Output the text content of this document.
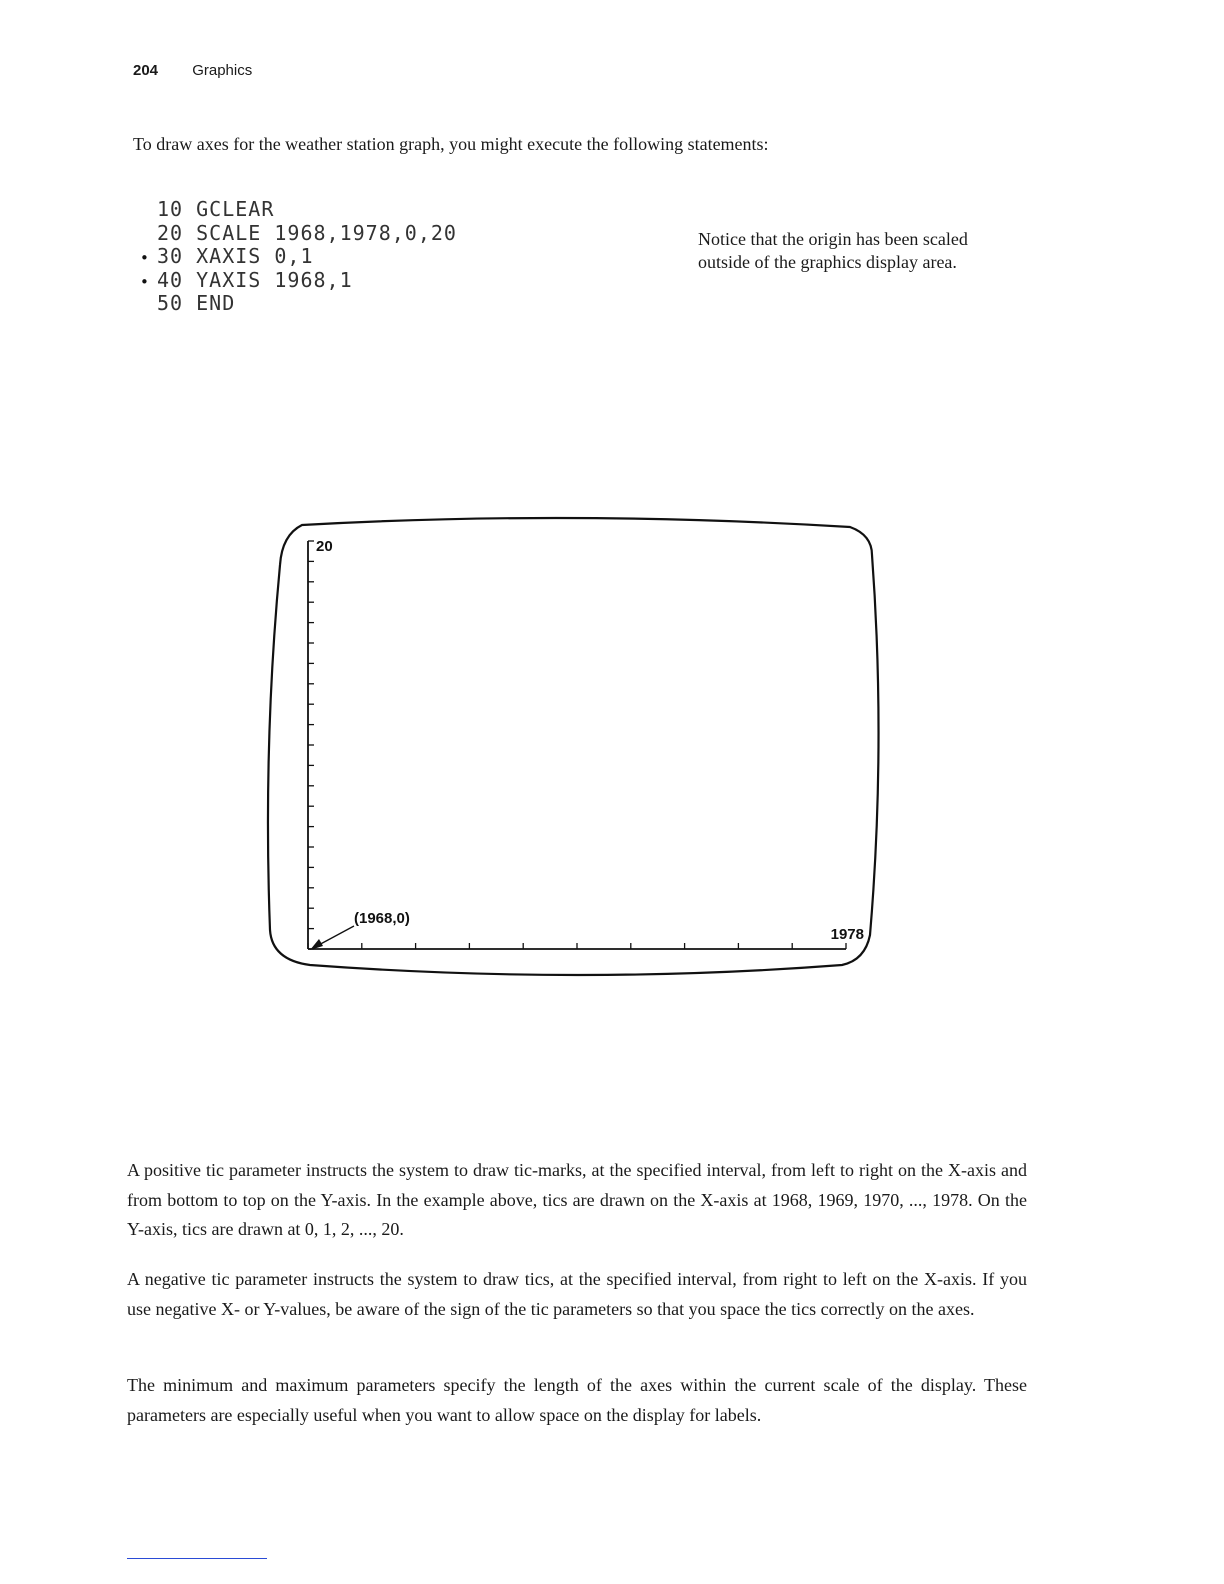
204 Graphics
To draw axes for the weather station graph, you might execute the following statements:
10 GCLEAR
20 SCALE 1968,1978,0,20
• 30 XAXIS 0,1
• 40 YAXIS 1968,1
50 END
Notice that the origin has been scaled
outside of the graphics display area.
20
(1968,0)
1978

A positive tic parameter instructs the system to draw tic-marks, at the specified interval, from left to right on the X-axis and from bottom to top on the Y-axis. In the example above, tics are drawn on the X-axis at 1968, 1969, 1970, ..., 1978. On the Y-axis, tics are drawn at 0, 1, 2, ..., 20.

A negative tic parameter instructs the system to draw tics, at the specified interval, from right to left on the X-axis. If you use negative X- or Y-values, be aware of the sign of the tic parameters so that you space the tics correctly on the axes.

The minimum and maximum parameters specify the length of the axes within the current scale of the display. These parameters are especially useful when you want to allow space on the display for labels.
